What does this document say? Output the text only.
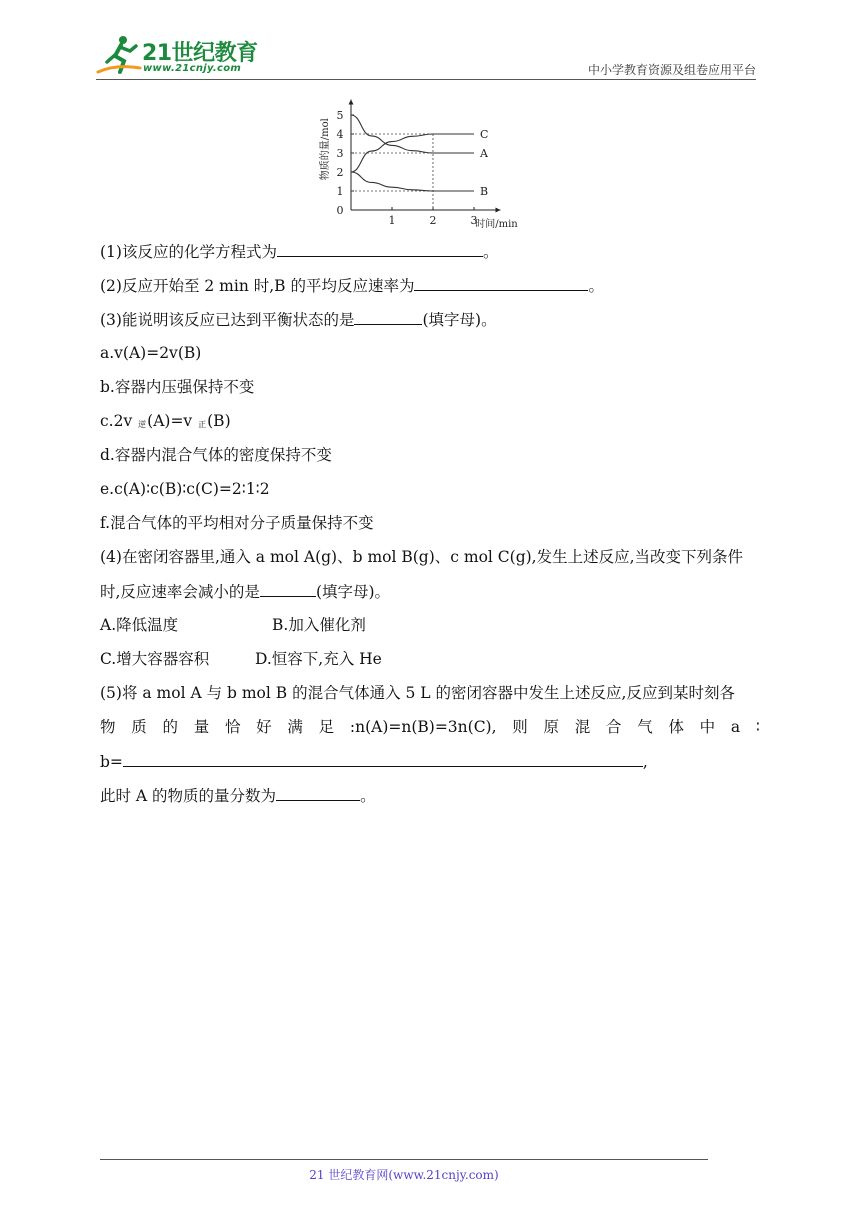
21世纪教育
www.21cnjy.com	中小学教育资源及组卷应用平台
0
1
2
3
4
5
1	2	3
时间/min
物质的量/mol	C
A
B
(1)该反应的化学方程式为	。
(2)反应开始至 2 min 时,B 的平均反应速率为	。
(3)能说明该反应已达到平衡状态的是	(填字母)。
a.v(A)=2v(B)
b.容器内压强保持不变
c.2v 逆(A)=v 正(B)
d.容器内混合气体的密度保持不变
e.c(A)∶c(B)∶c(C)=2∶1∶2
f.混合气体的平均相对分子质量保持不变
(4)在密闭容器里,通入 a mol A(g)、b mol B(g)、c mol C(g),发生上述反应,当改变下列条件
时,反应速率会减小的是	(填字母)。
A.降低温度	B.加入催化剂
C.增大容器容积	D.恒容下,充入 He
(5)将 a mol A 与 b mol B 的混合气体通入 5 L 的密闭容器中发生上述反应,反应到某时刻各
物 质 的 量 恰 好 满 足 :n(A)=n(B)=3n(C), 则 原 混 合 气 体 中 a ∶
b=	,
此时 A 的物质的量分数为	。
21 世纪教育网(www.21cnjy.com)
